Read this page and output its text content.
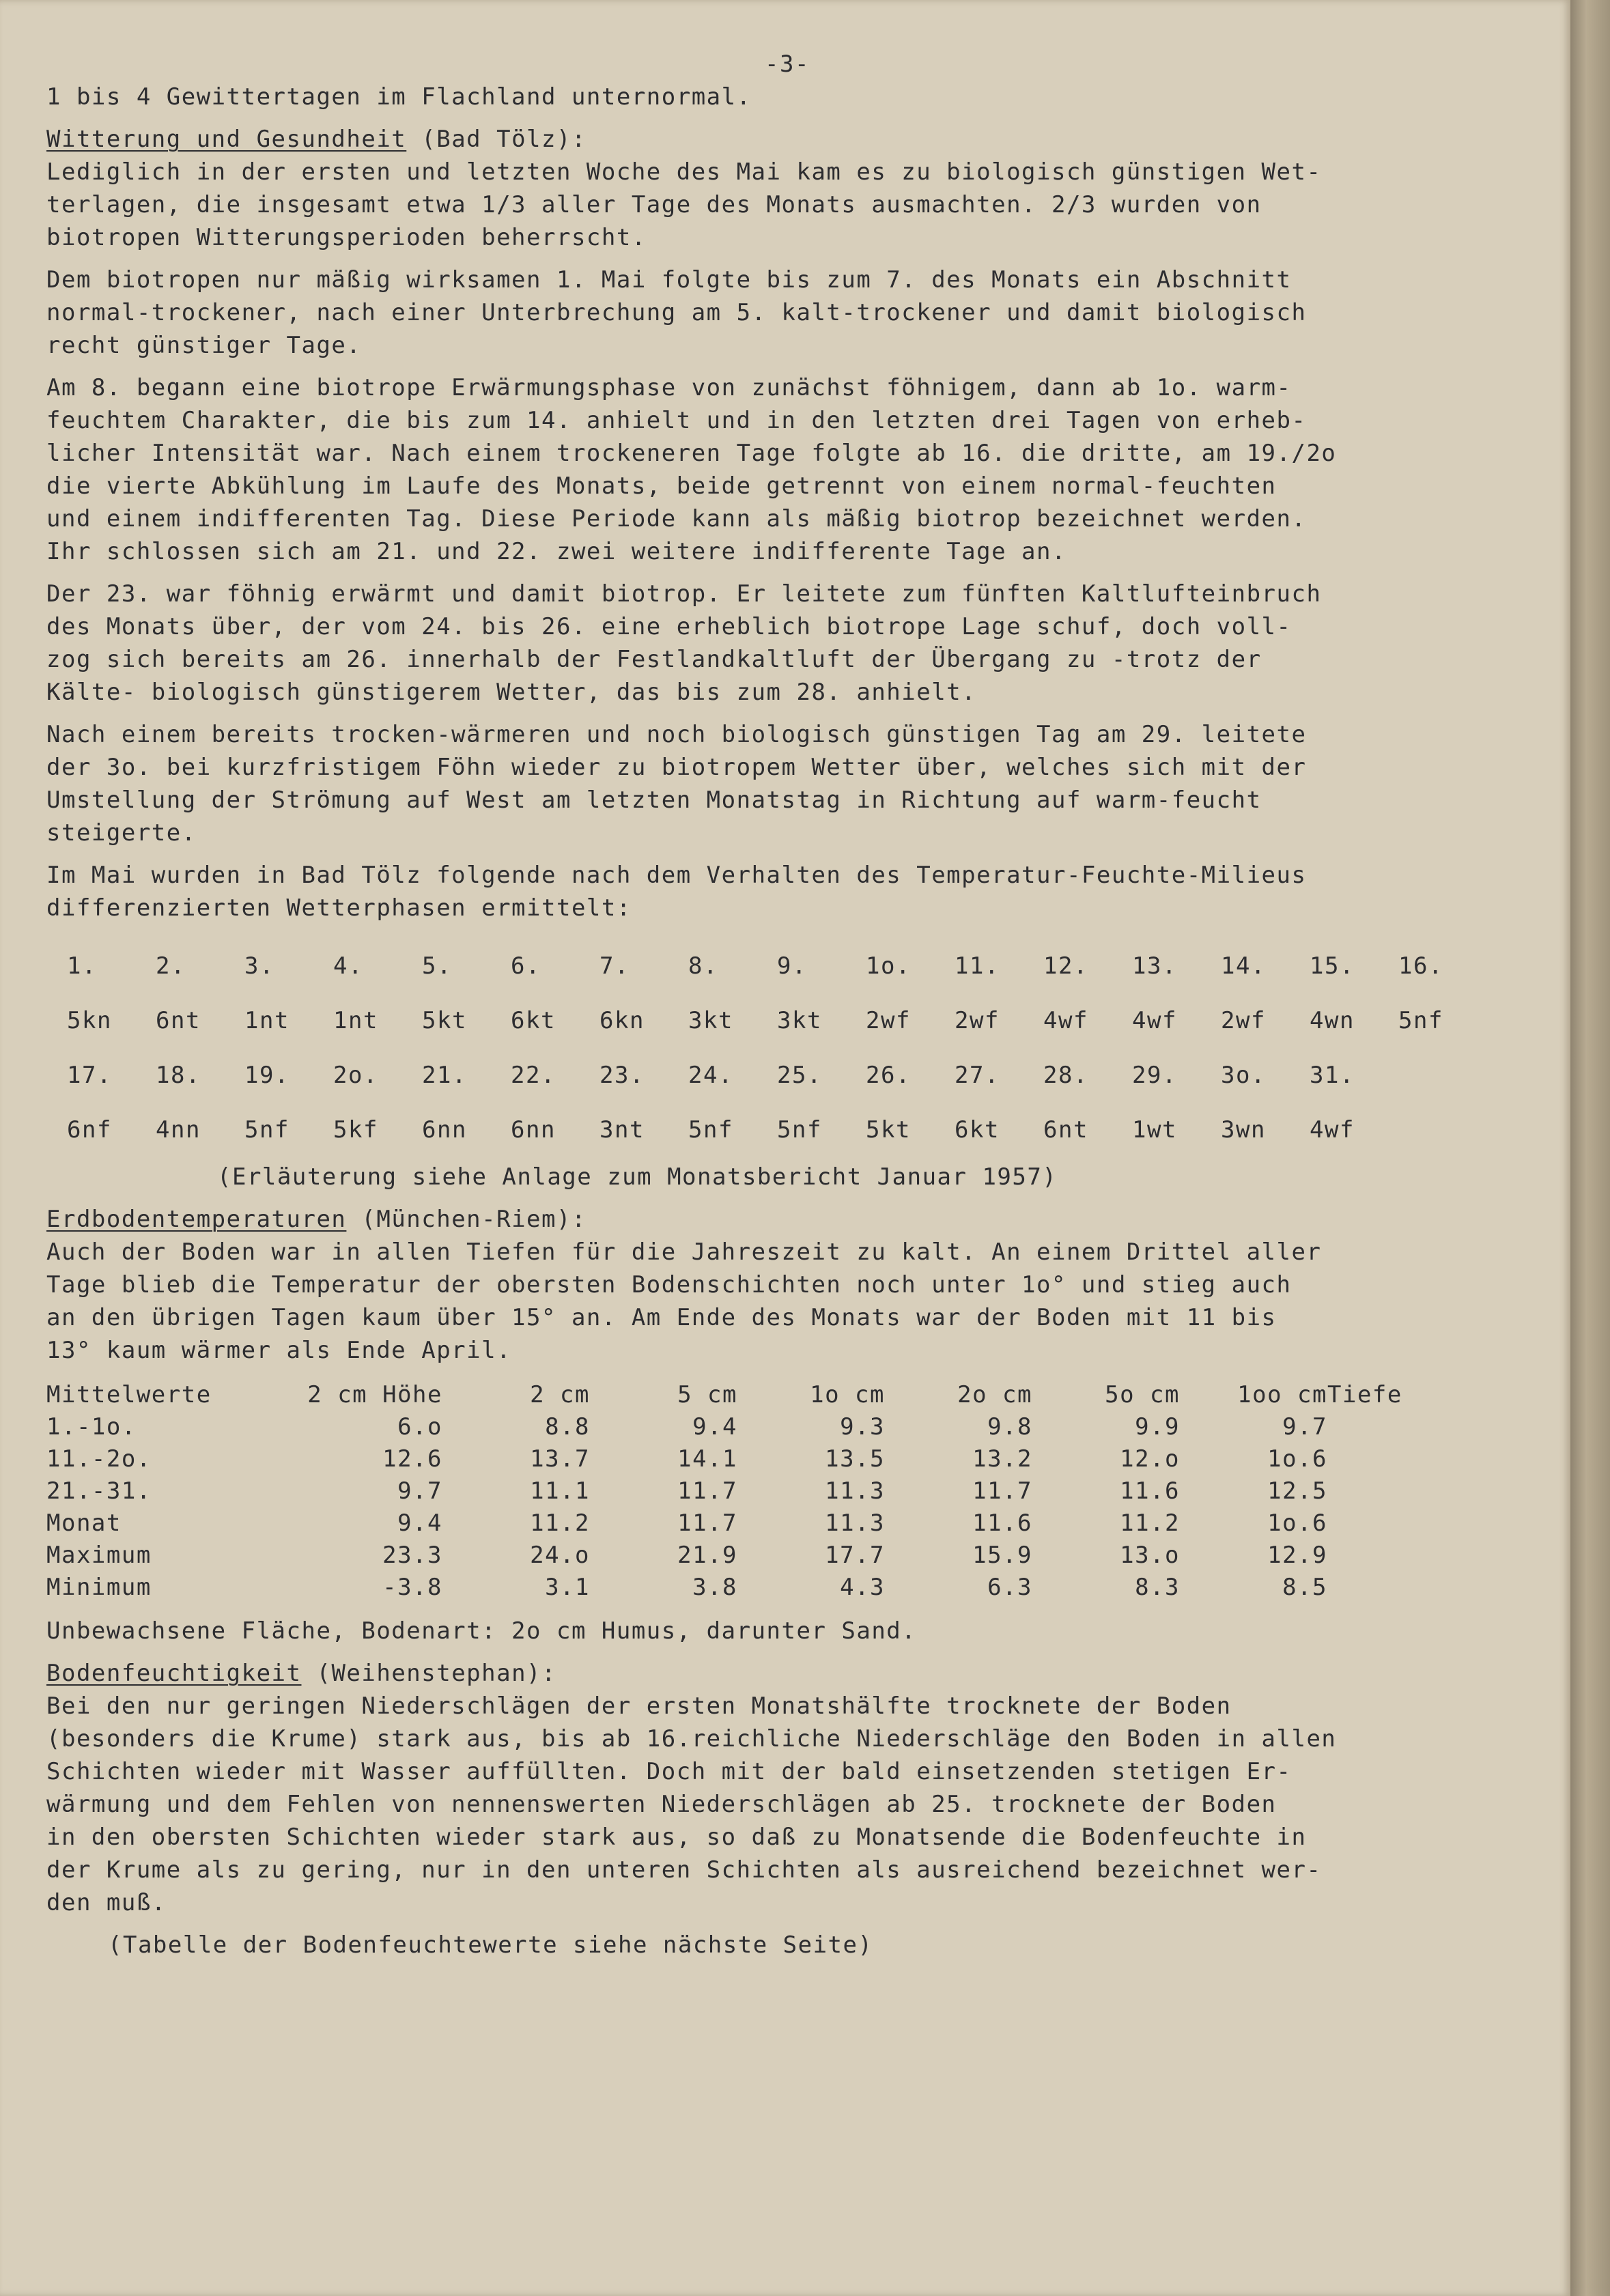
-3-
1 bis 4 Gewittertagen im Flachland unternormal.
Witterung und Gesundheit (Bad Tölz):
Lediglich in der ersten und letzten Woche des Mai kam es zu biologisch günstigen Wet-
terlagen, die insgesamt etwa 1/3 aller Tage des Monats ausmachten. 2/3 wurden von
biotropen Witterungsperioden beherrscht.
Dem biotropen nur mäßig wirksamen 1. Mai folgte bis zum 7. des Monats ein Abschnitt
normal-trockener, nach einer Unterbrechung am 5. kalt-trockener und damit biologisch
recht günstiger Tage.
Am 8. begann eine biotrope Erwärmungsphase von zunächst föhnigem, dann ab 1o. warm-
feuchtem Charakter, die bis zum 14. anhielt und in den letzten drei Tagen von erheb-
licher Intensität war. Nach einem trockeneren Tage folgte ab 16. die dritte, am 19./2o
die vierte Abkühlung im Laufe des Monats, beide getrennt von einem normal-feuchten
und einem indifferenten Tag. Diese Periode kann als mäßig biotrop bezeichnet werden.
Ihr schlossen sich am 21. und 22. zwei weitere indifferente Tage an.
Der 23. war föhnig erwärmt und damit biotrop. Er leitete zum fünften Kaltlufteinbruch
des Monats über, der vom 24. bis 26. eine erheblich biotrope Lage schuf, doch voll-
zog sich bereits am 26. innerhalb der Festlandkaltluft der Übergang zu -trotz der
Kälte- biologisch günstigerem Wetter, das bis zum 28. anhielt.
Nach einem bereits trocken-wärmeren und noch biologisch günstigen Tag am 29. leitete
der 3o. bei kurzfristigem Föhn wieder zu biotropem Wetter über, welches sich mit der
Umstellung der Strömung auf West am letzten Monatstag in Richtung auf warm-feucht
steigerte.
Im Mai wurden in Bad Tölz folgende nach dem Verhalten des Temperatur-Feuchte-Milieus
differenzierten Wetterphasen ermittelt:
1.	2.	3.	4.	5.	6.	7.	8.	9.	1o.	11.	12.	13.	14.	15.	16.
5kn	6nt	1nt	1nt	5kt	6kt	6kn	3kt	3kt	2wf	2wf	4wf	4wf	2wf	4wn	5nf
17.	18.	19.	2o.	21.	22.	23.	24.	25.	26.	27.	28.	29.	3o.	31.
6nf	4nn	5nf	5kf	6nn	6nn	3nt	5nf	5nf	5kt	6kt	6nt	1wt	3wn	4wf
(Erläuterung siehe Anlage zum Monatsbericht Januar 1957)
Erdbodentemperaturen (München-Riem):
Auch der Boden war in allen Tiefen für die Jahreszeit zu kalt. An einem Drittel aller
Tage blieb die Temperatur der obersten Bodenschichten noch unter 1o° und stieg auch
an den übrigen Tagen kaum über 15° an. Am Ende des Monats war der Boden mit 11 bis
13° kaum wärmer als Ende April.
Mittelwerte	2 cm Höhe	2 cm	5 cm	1o cm	2o cm	5o cm	1oo cm	Tiefe
1.-1o.	6.o	8.8	9.4	9.3	9.8	9.9	9.7	
11.-2o.	12.6	13.7	14.1	13.5	13.2	12.o	1o.6	
21.-31.	9.7	11.1	11.7	11.3	11.7	11.6	12.5	
Monat	9.4	11.2	11.7	11.3	11.6	11.2	1o.6	
Maximum	23.3	24.o	21.9	17.7	15.9	13.o	12.9	
Minimum	-3.8	3.1	3.8	4.3	6.3	8.3	8.5	
Unbewachsene Fläche, Bodenart: 2o cm Humus, darunter Sand.
Bodenfeuchtigkeit (Weihenstephan):
Bei den nur geringen Niederschlägen der ersten Monatshälfte trocknete der Boden
(besonders die Krume) stark aus, bis ab 16.reichliche Niederschläge den Boden in allen
Schichten wieder mit Wasser auffüllten. Doch mit der bald einsetzenden stetigen Er-
wärmung und dem Fehlen von nennenswerten Niederschlägen ab 25. trocknete der Boden
in den obersten Schichten wieder stark aus, so daß zu Monatsende die Bodenfeuchte in
der Krume als zu gering, nur in den unteren Schichten als ausreichend bezeichnet wer-
den muß.
(Tabelle der Bodenfeuchtewerte siehe nächste Seite)
